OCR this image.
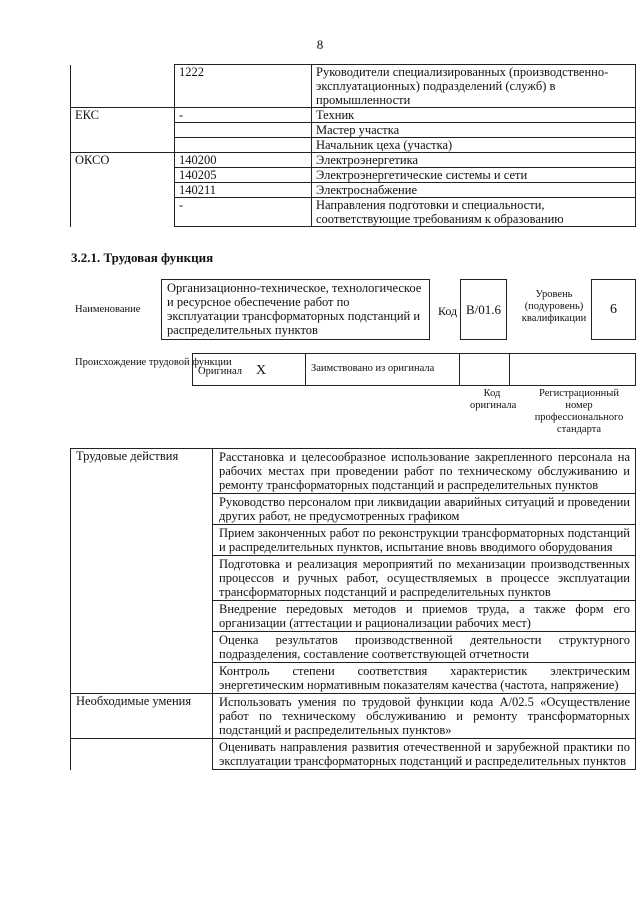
8
	1222	Руководители специализированных (производственно-эксплуатационных) подразделений (служб) в промышленности
ЕКС	-	Техник
		Мастер участка
		Начальник цеха (участка)
ОКСО	140200	Электроэнергетика
	140205	Электроэнергетические системы и сети
	140211	Электроснабжение
	-	Направления подготовки и специальности, соответствующие требованиям к образованию
3.2.1. Трудовая функция
Наименование
Организационно-техническое, технологическое и ресурсное обеспечение работ по эксплуатации трансформаторных подстанций и распределительных пунктов
Код B/01.6
Уровень (подуровень) квалификации
6
Происхождение трудовой функции
Оригинал X	Заимствовано из оригинала
Код оригинала
Регистрационный номер профессионального стандарта
Трудовые действия	Расстановка и целесообразное использование закрепленного персонала на рабочих местах при проведении работ по техническому обслуживанию и ремонту трансформаторных подстанций и распределительных пунктов
	Руководство персоналом при ликвидации аварийных ситуаций и проведении других работ, не предусмотренных графиком
	Прием законченных работ по реконструкции трансформаторных подстанций и распределительных пунктов, испытание вновь вводимого оборудования
	Подготовка и реализация мероприятий по механизации производственных процессов и ручных работ, осуществляемых в процессе эксплуатации трансформаторных подстанций и распределительных пунктов
	Внедрение передовых методов и приемов труда, а также форм его организации (аттестации и рационализации рабочих мест)
	Оценка результатов производственной деятельности структурного подразделения, составление соответствующей отчетности
	Контроль степени соответствия характеристик электрическим энергетическим нормативным показателям качества (частота, напряжение)
Необходимые умения	Использовать умения по трудовой функции кода А/02.5 «Осуществление работ по техническому обслуживанию и ремонту трансформаторных подстанций и распределительных пунктов»
	Оценивать направления развития отечественной и зарубежной практики по эксплуатации трансформаторных подстанций и распределительных пунктов
